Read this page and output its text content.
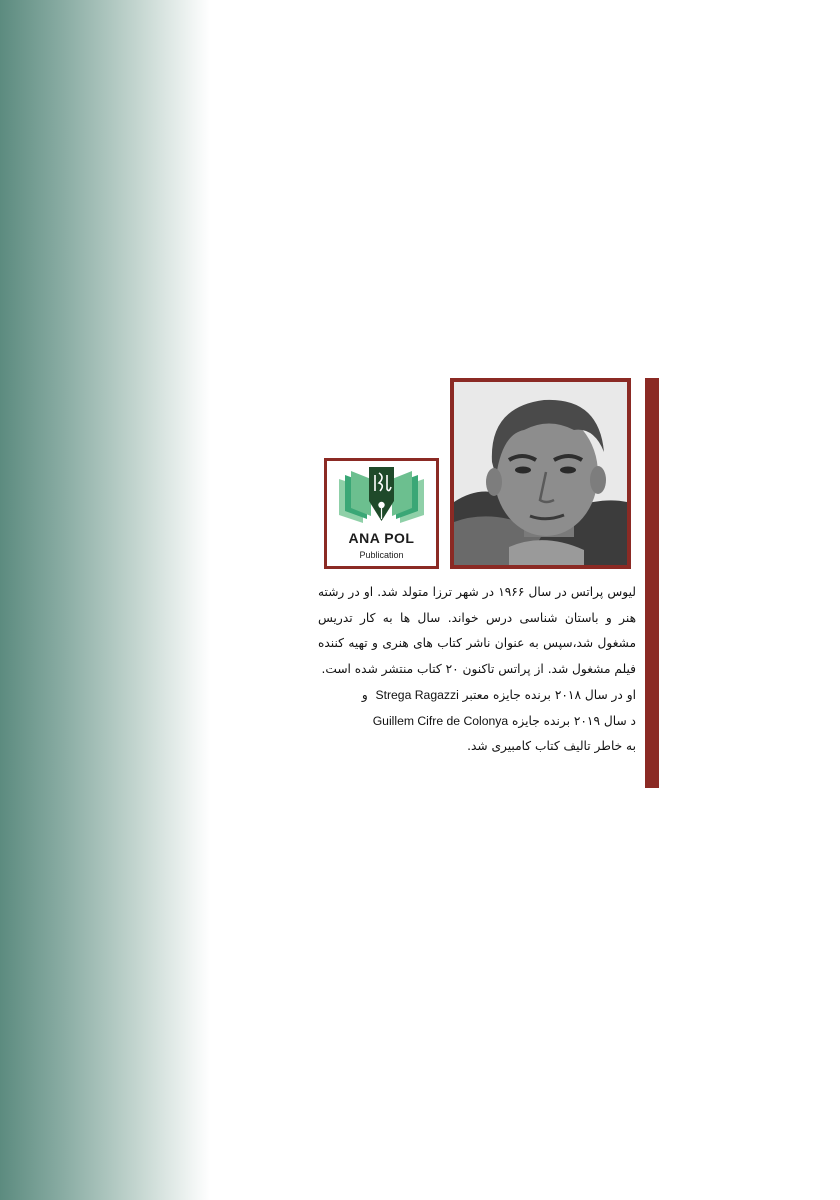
ANA POL
Publication

لیوس پراتس در سال ۱۹۶۶ در شهر ترزا متولد شد. او در رشته هنر و باستان شناسی درس خواند. سال ها به کار تدریس مشغول شد،سپس به عنوان ناشر کتاب های هنری و تهیه کننده فیلم مشغول شد. از پراتس تاکنون ۲۰ کتاب منتشر شده است.

او در سال ۲۰۱۸ برنده جایزه معتبر Strega Ragazzi  و

د سال ۲۰۱۹ برنده جایزه Guillem Cifre de Colonya

به خاطر تالیف کتاب کامبیری شد.
